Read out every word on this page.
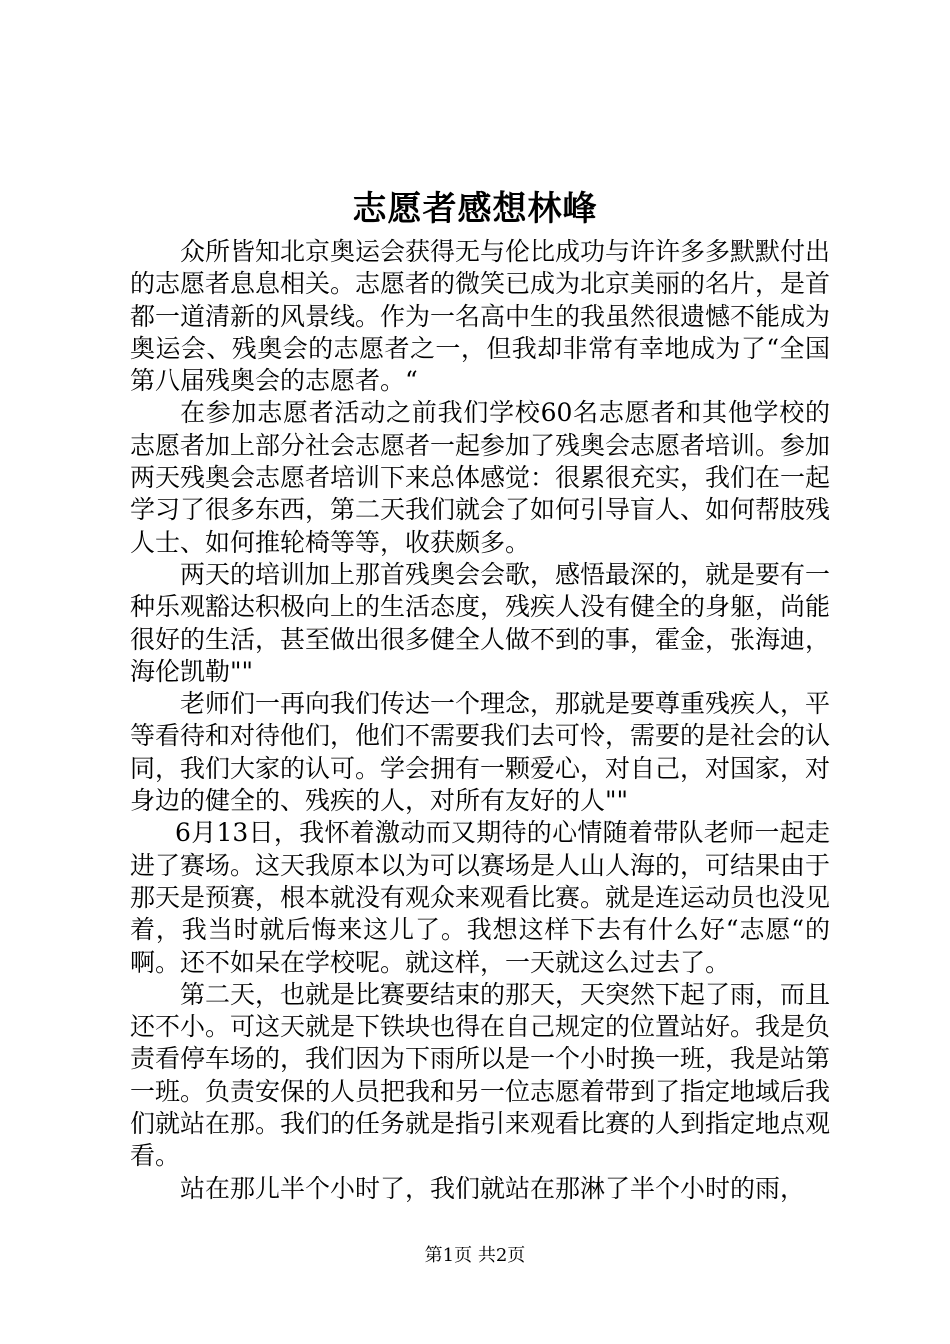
志愿者感想林峰

众所皆知北京奥运会获得无与伦比成功与许许多多默默付出的志愿者息息相关。志愿者的微笑已成为北京美丽的名片，是首都一道清新的风景线。作为一名高中生的我虽然很遗憾不能成为奥运会、残奥会的志愿者之一，但我却非常有幸地成为了“全国第八届残奥会的志愿者。“

在参加志愿者活动之前我们学校60名志愿者和其他学校的志愿者加上部分社会志愿者一起参加了残奥会志愿者培训。参加两天残奥会志愿者培训下来总体感觉：很累很充实，我们在一起学习了很多东西，第二天我们就会了如何引导盲人、如何帮肢残人士、如何推轮椅等等，收获颇多。

两天的培训加上那首残奥会会歌，感悟最深的，就是要有一种乐观豁达积极向上的生活态度，残疾人没有健全的身躯，尚能很好的生活，甚至做出很多健全人做不到的事，霍金，张海迪，海伦凯勒""

老师们一再向我们传达一个理念，那就是要尊重残疾人，平等看待和对待他们，他们不需要我们去可怜，需要的是社会的认同，我们大家的认可。学会拥有一颗爱心，对自己，对国家，对身边的健全的、残疾的人，对所有友好的人""

6月13日，我怀着激动而又期待的心情随着带队老师一起走进了赛场。这天我原本以为可以赛场是人山人海的，可结果由于那天是预赛，根本就没有观众来观看比赛。就是连运动员也没见着，我当时就后悔来这儿了。我想这样下去有什么好“志愿“的啊。还不如呆在学校呢。就这样，一天就这么过去了。

第二天，也就是比赛要结束的那天，天突然下起了雨，而且还不小。可这天就是下铁块也得在自己规定的位置站好。我是负责看停车场的，我们因为下雨所以是一个小时换一班，我是站第一班。负责安保的人员把我和另一位志愿着带到了指定地域后我们就站在那。我们的任务就是指引来观看比赛的人到指定地点观看。

站在那儿半个小时了，我们就站在那淋了半个小时的雨，

第1页 共2页
